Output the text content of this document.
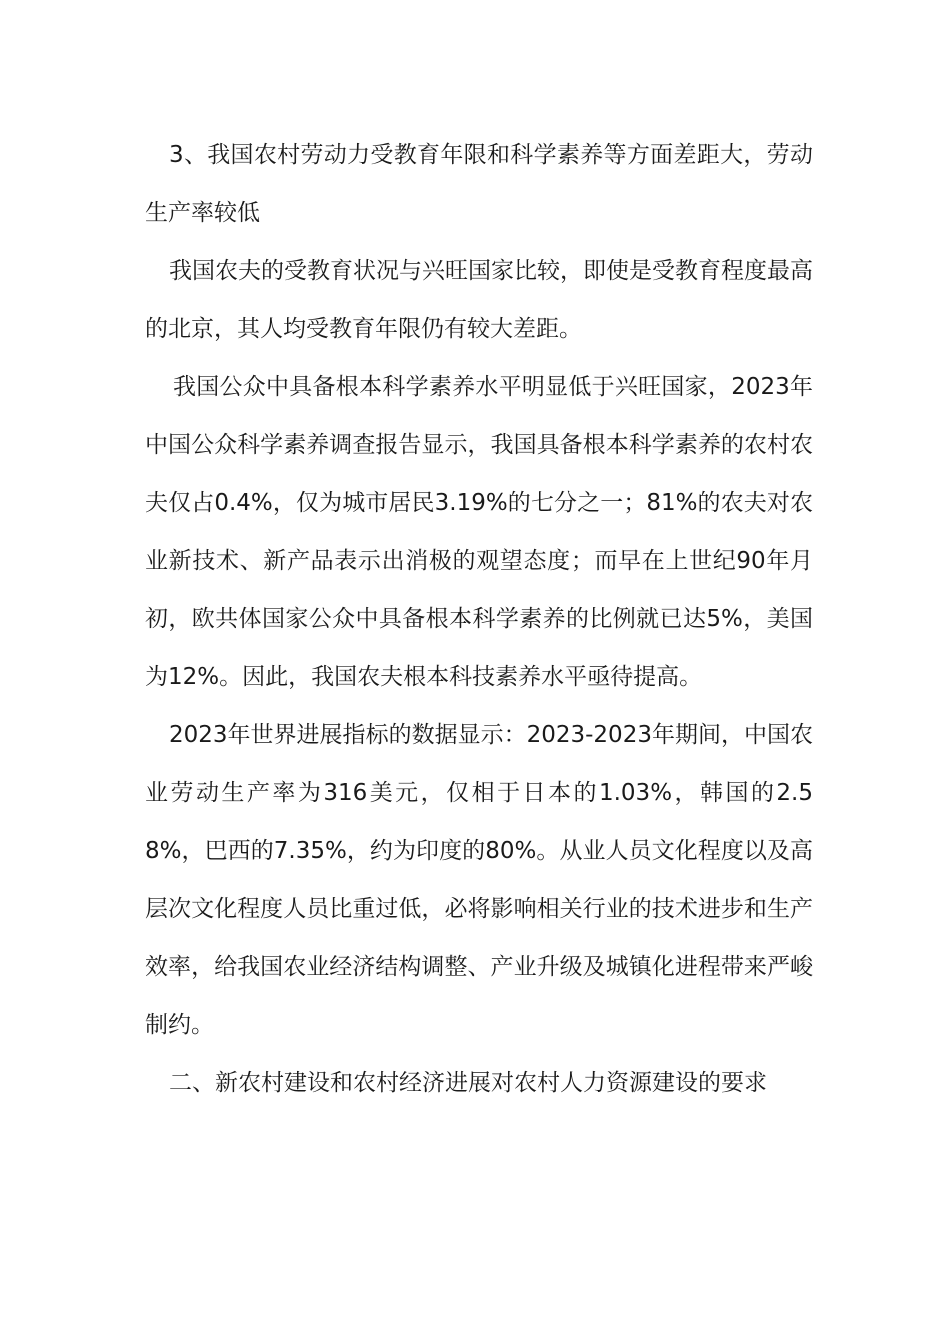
3、我国农村劳动力受教育年限和科学素养等方面差距大，劳动生产率较低

我国农夫的受教育状况与兴旺国家比较，即使是受教育程度最高的北京，其人均受教育年限仍有较大差距。

我国公众中具备根本科学素养水平明显低于兴旺国家，2023年中国公众科学素养调查报告显示，我国具备根本科学素养的农村农夫仅占0.4%，仅为城市居民3.19%的七分之一；81%的农夫对农业新技术、新产品表示出消极的观望态度；而早在上世纪90年月初，欧共体国家公众中具备根本科学素养的比例就已达5%，美国为12%。因此，我国农夫根本科技素养水平亟待提高。

2023年世界进展指标的数据显示：2023-2023年期间，中国农业劳动生产率为316美元，仅相于日本的1.03%，韩国的2.58%，巴西的7.35%，约为印度的80%。从业人员文化程度以及高层次文化程度人员比重过低，必将影响相关行业的技术进步和生产效率，给我国农业经济结构调整、产业升级及城镇化进程带来严峻制约。

二、新农村建设和农村经济进展对农村人力资源建设的要求
